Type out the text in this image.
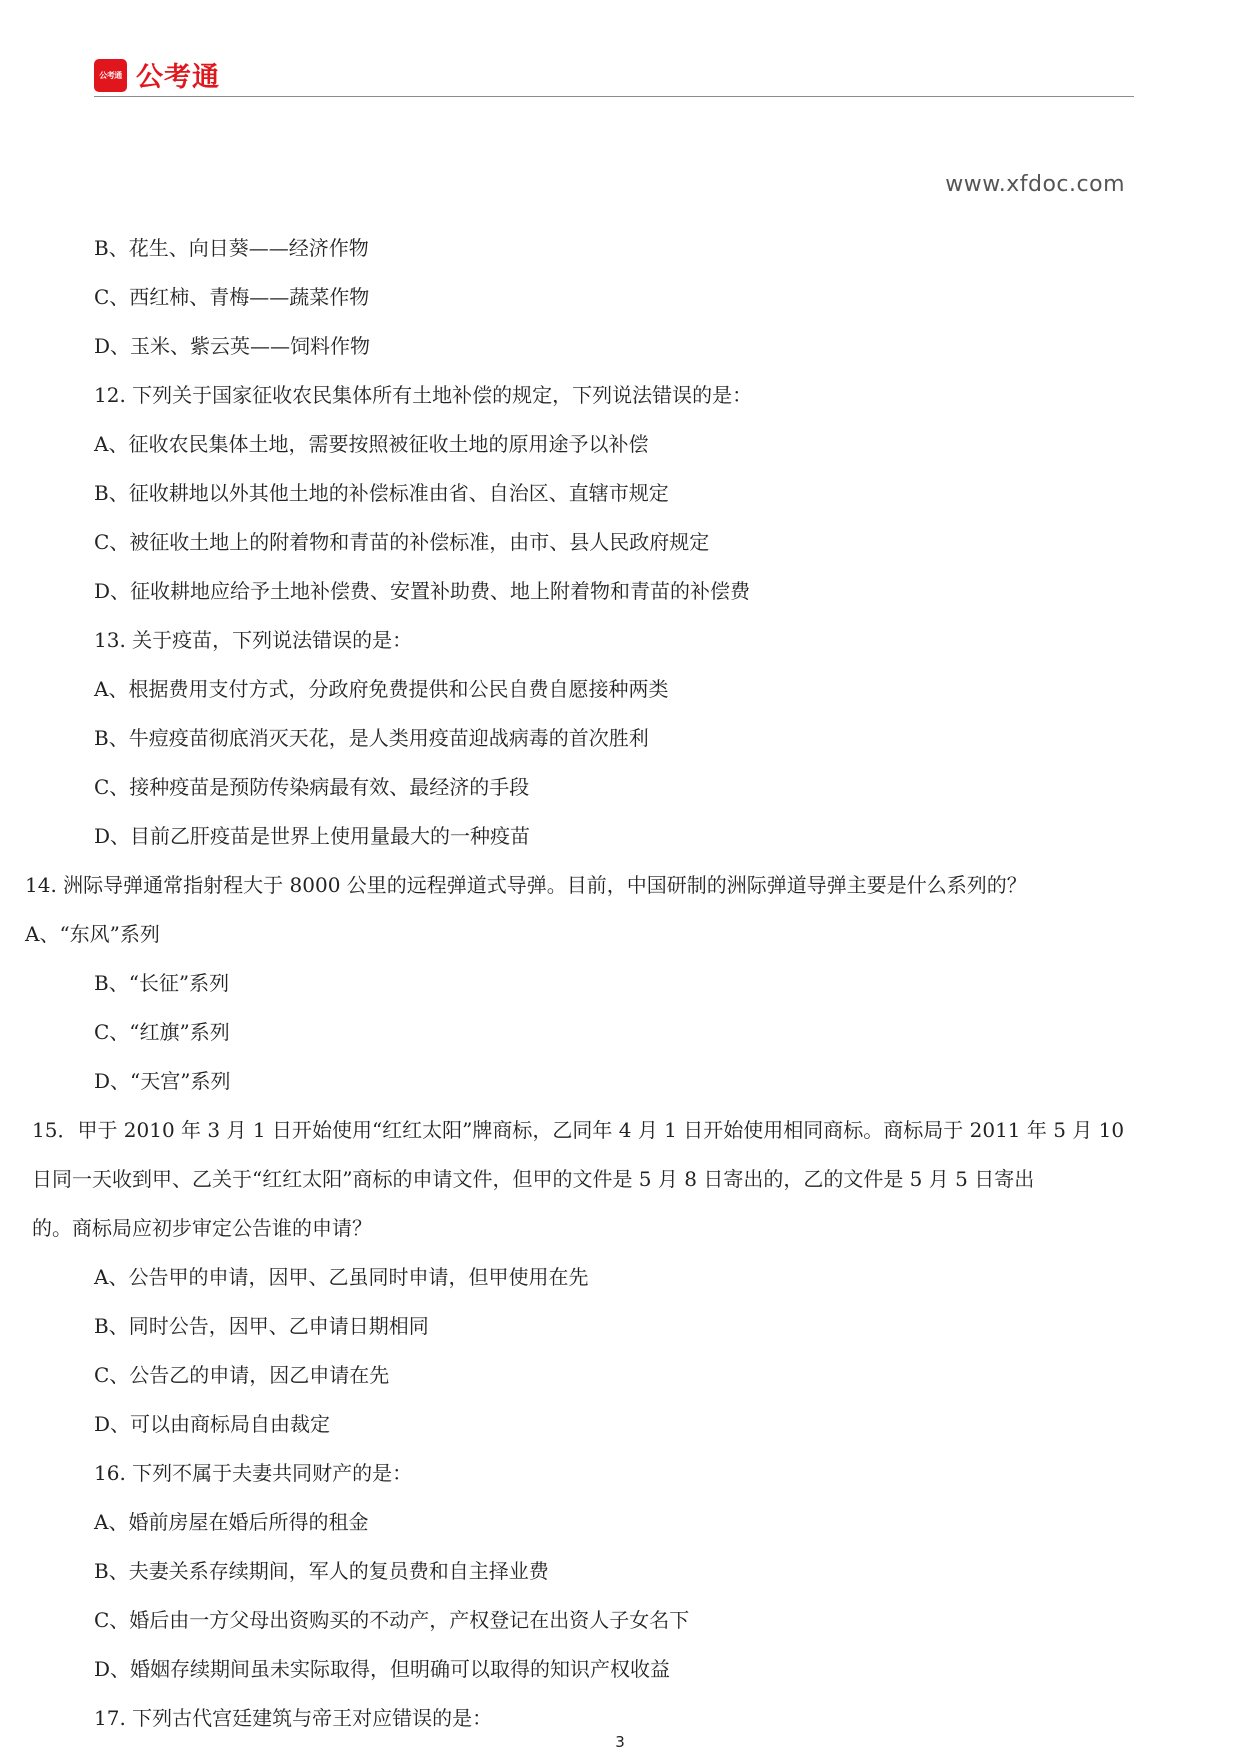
公考通 公考通
www.xfdoc.com
B、花生、向日葵——经济作物
C、西红柿、青梅——蔬菜作物
D、玉米、紫云英——饲料作物
12. 下列关于国家征收农民集体所有土地补偿的规定，下列说法错误的是：
A、征收农民集体土地，需要按照被征收土地的原用途予以补偿
B、征收耕地以外其他土地的补偿标准由省、自治区、直辖市规定
C、被征收土地上的附着物和青苗的补偿标准，由市、县人民政府规定
D、征收耕地应给予土地补偿费、安置补助费、地上附着物和青苗的补偿费
13. 关于疫苗，下列说法错误的是：
A、根据费用支付方式，分政府免费提供和公民自费自愿接种两类
B、牛痘疫苗彻底消灭天花，是人类用疫苗迎战病毒的首次胜利
C、接种疫苗是预防传染病最有效、最经济的手段
D、目前乙肝疫苗是世界上使用量最大的一种疫苗
14. 洲际导弹通常指射程大于 8000 公里的远程弹道式导弹。目前，中国研制的洲际弹道导弹主要是什么系列的？
A、“东风”系列
B、“长征”系列
C、“红旗”系列
D、“天宫”系列
15．甲于 2010 年 3 月 1 日开始使用“红红太阳”牌商标，乙同年 4 月 1 日开始使用相同商标。商标局于 2011 年 5 月 10
日同一天收到甲、乙关于“红红太阳”商标的申请文件，但甲的文件是 5 月 8 日寄出的，乙的文件是 5 月 5 日寄出
的。商标局应初步审定公告谁的申请？
A、公告甲的申请，因甲、乙虽同时申请，但甲使用在先
B、同时公告，因甲、乙申请日期相同
C、公告乙的申请，因乙申请在先
D、可以由商标局自由裁定
16. 下列不属于夫妻共同财产的是：
A、婚前房屋在婚后所得的租金
B、夫妻关系存续期间，军人的复员费和自主择业费
C、婚后由一方父母出资购买的不动产，产权登记在出资人子女名下
D、婚姻存续期间虽未实际取得，但明确可以取得的知识产权收益
17. 下列古代宫廷建筑与帝王对应错误的是：
3
